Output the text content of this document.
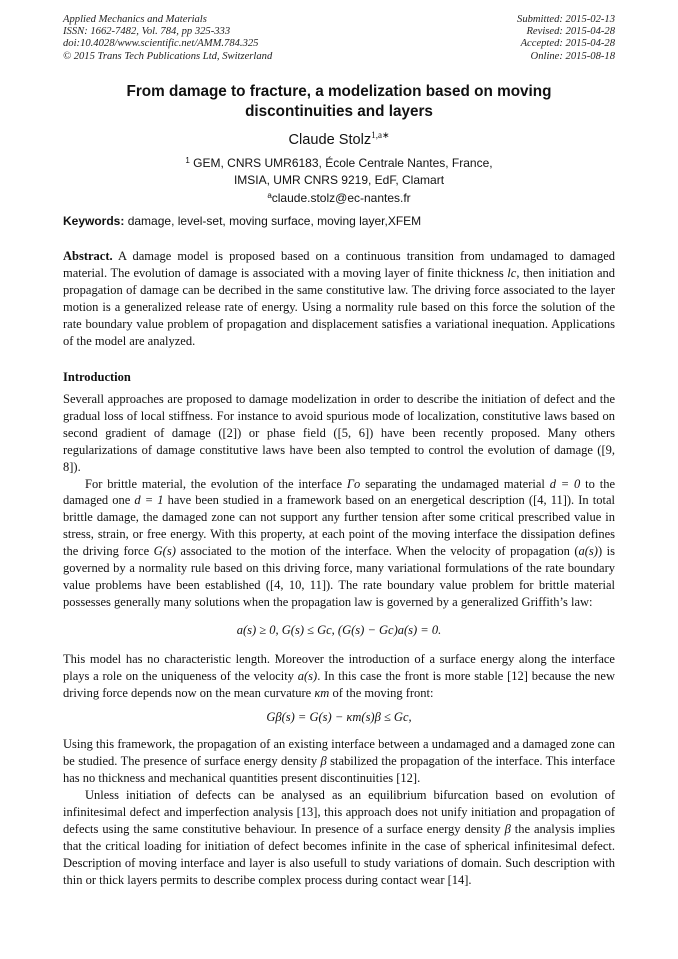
Applied Mechanics and Materials
ISSN: 1662-7482, Vol. 784, pp 325-333
doi:10.4028/www.scientific.net/AMM.784.325
© 2015 Trans Tech Publications Ltd, Switzerland
Submitted: 2015-02-13
Revised: 2015-04-28
Accepted: 2015-04-28
Online: 2015-08-18
From damage to fracture, a modelization based on moving
discontinuities and layers
Claude Stolz$^{1,a∗}$
$^1$ GEM, CNRS UMR6183, École Centrale Nantes, France,
IMSIA, UMR CNRS 9219, EdF, Clamart
$^a$claude.stolz@ec-nantes.fr
Keywords: damage, level-set, moving surface, moving layer,XFEM

Abstract. A damage model is proposed based on a continuous transition from undamaged to damaged material. The evolution of damage is associated with a moving layer of finite thickness lc, then initiation and propagation of damage can be decribed in the same constitutive law. The driving force associated to the layer motion is a generalized release rate of energy. Using a normality rule based on this force the solution of the rate boundary value problem of propagation and displacement satisfies a variational inequation. Applications of the model are analyzed.

Introduction

Severall approaches are proposed to damage modelization in order to describe the initiation of defect and the gradual loss of local stiffness. For instance to avoid spurious mode of localization, constitutive laws based on second gradient of damage ([2]) or phase field ([5, 6]) have been recently proposed. Many others regularizations of damage constitutive laws have been also tempted to control the evolution of damage ([9, 8]).

For brittle material, the evolution of the interface Γo separating the undamaged material d = 0 to the damaged one d = 1 have been studied in a framework based on an energetical description ([4, 11]). In total brittle damage, the damaged zone can not support any further tension after some critical prescribed value in stress, strain, or free energy. With this property, at each point of the moving interface the dissipation defines the driving force G(s) associated to the motion of the interface. When the velocity of propagation (a(s)) is governed by a normality rule based on this driving force, many variational formulations of the rate boundary value problems have been established ([4, 10, 11]). The rate boundary value problem for brittle material possesses generally many solutions when the propagation law is governed by a generalized Griffith’s law:

a(s) ≥ 0, G(s) ≤ Gc, (G(s) − Gc)a(s) = 0.

This model has no characteristic length. Moreover the introduction of a surface energy along the interface plays a role on the uniqueness of the velocity a(s). In this case the front is more stable [12] because the new driving force depends now on the mean curvature κm of the moving front:

Gβ(s) = G(s) − κm(s)β ≤ Gc,

Using this framework, the propagation of an existing interface between a undamaged and a damaged zone can be studied. The presence of surface energy density β stabilized the propagation of the interface. This interface has no thickness and mechanical quantities present discontinuities [12].

Unless initiation of defects can be analysed as an equilibrium bifurcation based on evolution of infinitesimal defect and imperfection analysis [13], this approach does not unify initiation and propagation of defects using the same constitutive behaviour. In presence of a surface energy density β the analysis implies that the critical loading for initiation of defect becomes infinite in the case of spherical infinitesimal defect. Description of moving interface and layer is also usefull to study variations of domain. Such description with thin or thick layers permits to describe complex process during contact wear [14].
